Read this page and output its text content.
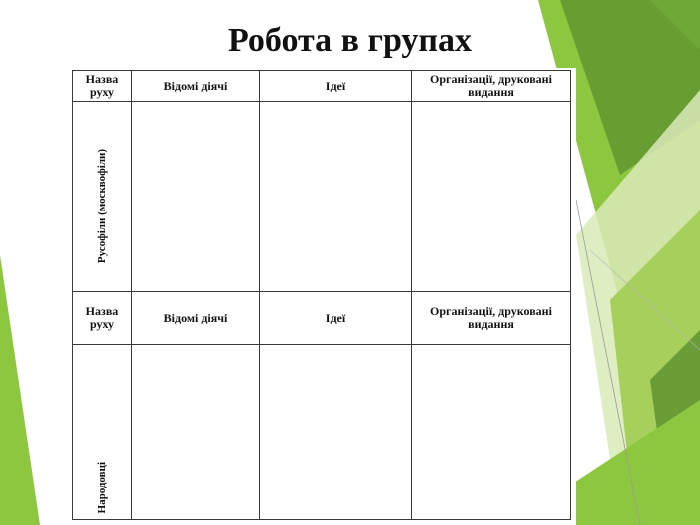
Робота в групах
Назва руху	Відомі діячі	Ідеї	Організації, друковані видання

Русофіли (москвофіли)			

Назва руху	Відомі діячі	Ідеї	Організації, друковані видання

Народовці			
